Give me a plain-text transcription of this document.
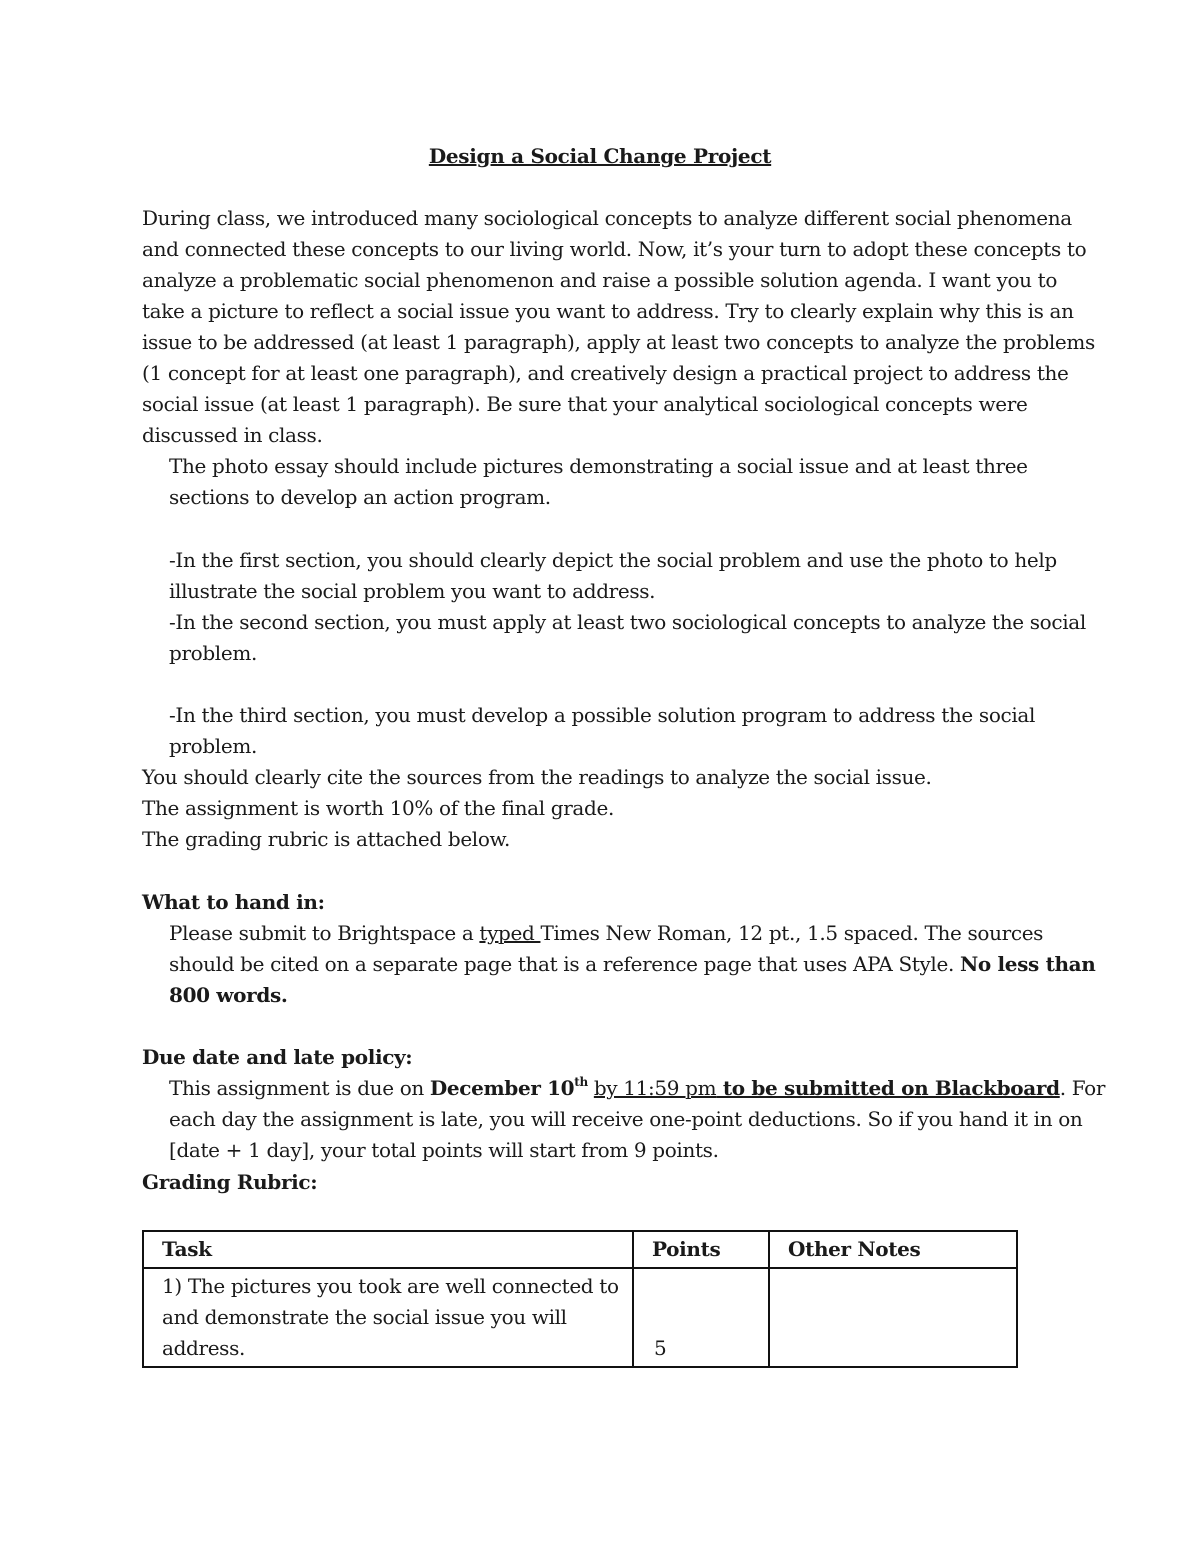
Design a Social Change Project
During class, we introduced many sociological concepts to analyze different social phenomena
and connected these concepts to our living world. Now, it’s your turn to adopt these concepts to
analyze a problematic social phenomenon and raise a possible solution agenda. I want you to
take a picture to reflect a social issue you want to address. Try to clearly explain why this is an
issue to be addressed (at least 1 paragraph), apply at least two concepts to analyze the problems
(1 concept for at least one paragraph), and creatively design a practical project to address the
social issue (at least 1 paragraph). Be sure that your analytical sociological concepts were
discussed in class.
The photo essay should include pictures demonstrating a social issue and at least three
sections to develop an action program.
-In the first section, you should clearly depict the social problem and use the photo to help
illustrate the social problem you want to address.
-In the second section, you must apply at least two sociological concepts to analyze the social
problem.
-In the third section, you must develop a possible solution program to address the social
problem.
You should clearly cite the sources from the readings to analyze the social issue.
The assignment is worth 10% of the final grade.
The grading rubric is attached below.
What to hand in:
Please submit to Brightspace a typed Times New Roman, 12 pt., 1.5 spaced. The sources
should be cited on a separate page that is a reference page that uses APA Style. No less than
800 words.
Due date and late policy:
This assignment is due on December 10th by 11:59 pm to be submitted on Blackboard. For
each day the assignment is late, you will receive one-point deductions. So if you hand it in on
[date + 1 day], your total points will start from 9 points.
Grading Rubric:
Task	Points	Other Notes

1) The pictures you took are well connected to
and demonstrate the social issue you will
address.	5	
